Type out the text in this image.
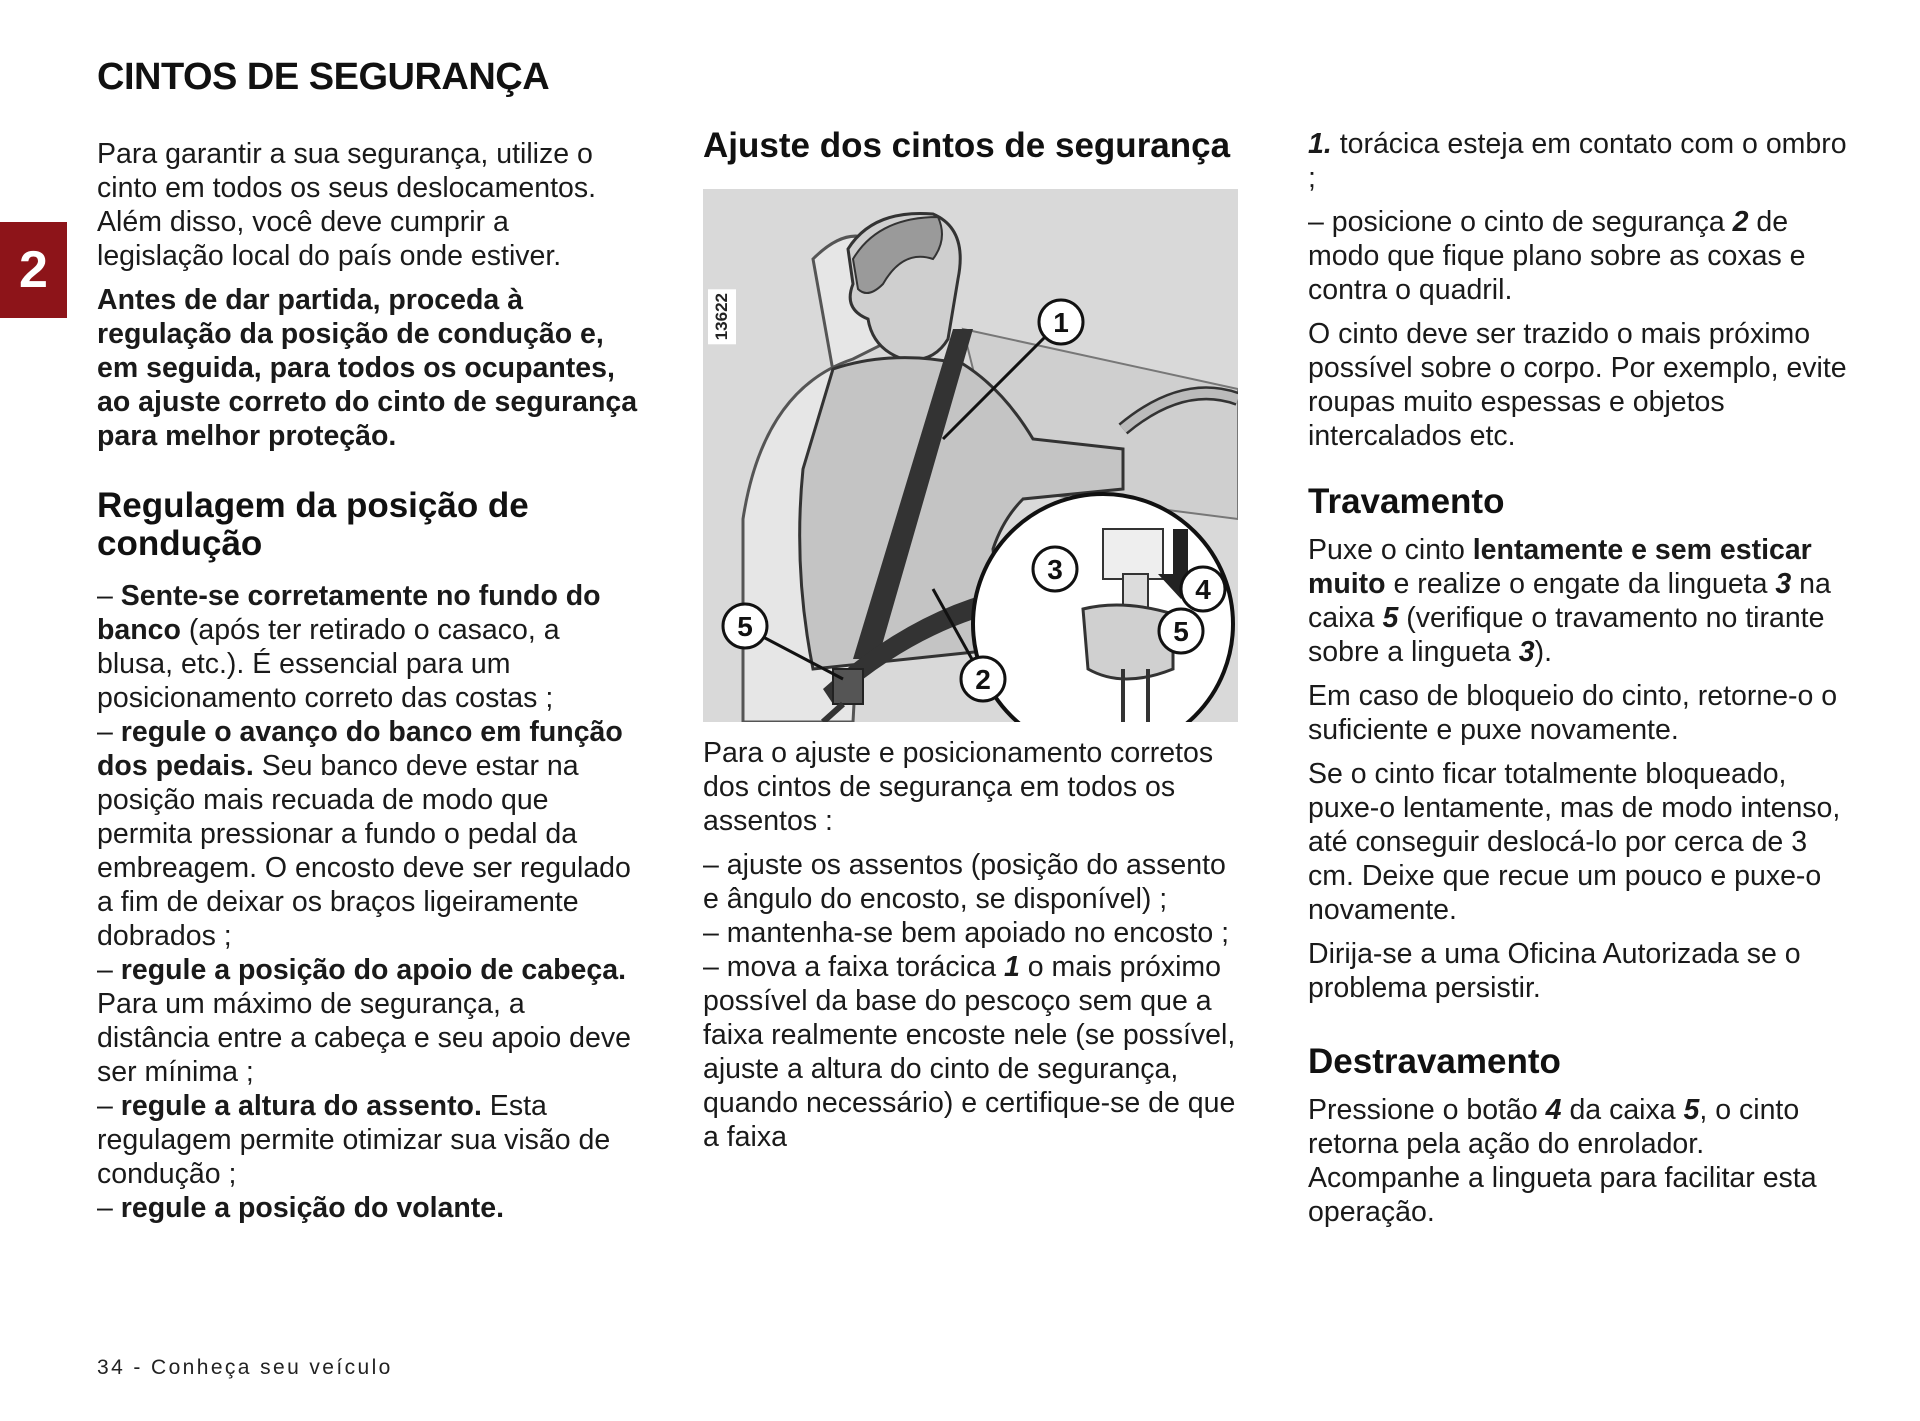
CINTOS DE SEGURANÇA
2

Para garantir a sua segurança, utilize o cinto em todos os seus deslocamentos. Além disso, você deve cumprir a legislação local do país onde estiver.

Antes de dar partida, proceda à regulação da posição de condução e, em seguida, para todos os ocupantes, ao ajuste correto do cinto de segurança para melhor proteção.

Regulagem da posição de condução

– Sente-se corretamente no fundo do banco (após ter retirado o casaco, a blusa, etc.). É essencial para um posicionamento correto das costas ;

– regule o avanço do banco em função dos pedais. Seu banco deve estar na posição mais recuada de modo que permita pressionar a fundo o pedal da embreagem. O encosto deve ser regulado a fim de deixar os braços ligeiramente dobrados ;

– regule a posição do apoio de cabeça. Para um máximo de segurança, a distância entre a cabeça e seu apoio deve ser mínima ;

– regule a altura do assento. Esta regulagem permite otimizar sua visão de condução ;

– regule a posição do volante.

Ajuste dos cintos de segurança
1
2
3
4
5
5
13622

Para o ajuste e posicionamento corretos dos cintos de segurança em todos os assentos :

– ajuste os assentos (posição do assento e ângulo do encosto, se disponível) ;

– mantenha-se bem apoiado no encosto ;

– mova a faixa torácica 1 o mais próximo possível da base do pescoço sem que a faixa realmente encoste nele (se possível, ajuste a altura do cinto de segurança, quando necessário) e certifique-se de que a faixa

1. torácica esteja em contato com o ombro ;

– posicione o cinto de segurança 2 de modo que fique plano sobre as coxas e contra o quadril.

O cinto deve ser trazido o mais próximo possível sobre o corpo. Por exemplo, evite roupas muito espessas e objetos intercalados etc.

Travamento

Puxe o cinto lentamente e sem esticar muito e realize o engate da lingueta 3 na caixa 5 (verifique o travamento no tirante sobre a lingueta 3).

Em caso de bloqueio do cinto, retorne-o o suficiente e puxe novamente.

Se o cinto ficar totalmente bloqueado, puxe-o lentamente, mas de modo intenso, até conseguir deslocá-lo por cerca de 3 cm. Deixe que recue um pouco e puxe-o novamente.

Dirija-se a uma Oficina Autorizada se o problema persistir.

Destravamento

Pressione o botão 4 da caixa 5, o cinto retorna pela ação do enrolador. Acompanhe a lingueta para facilitar esta operação.

34 - Conheça seu veículo
